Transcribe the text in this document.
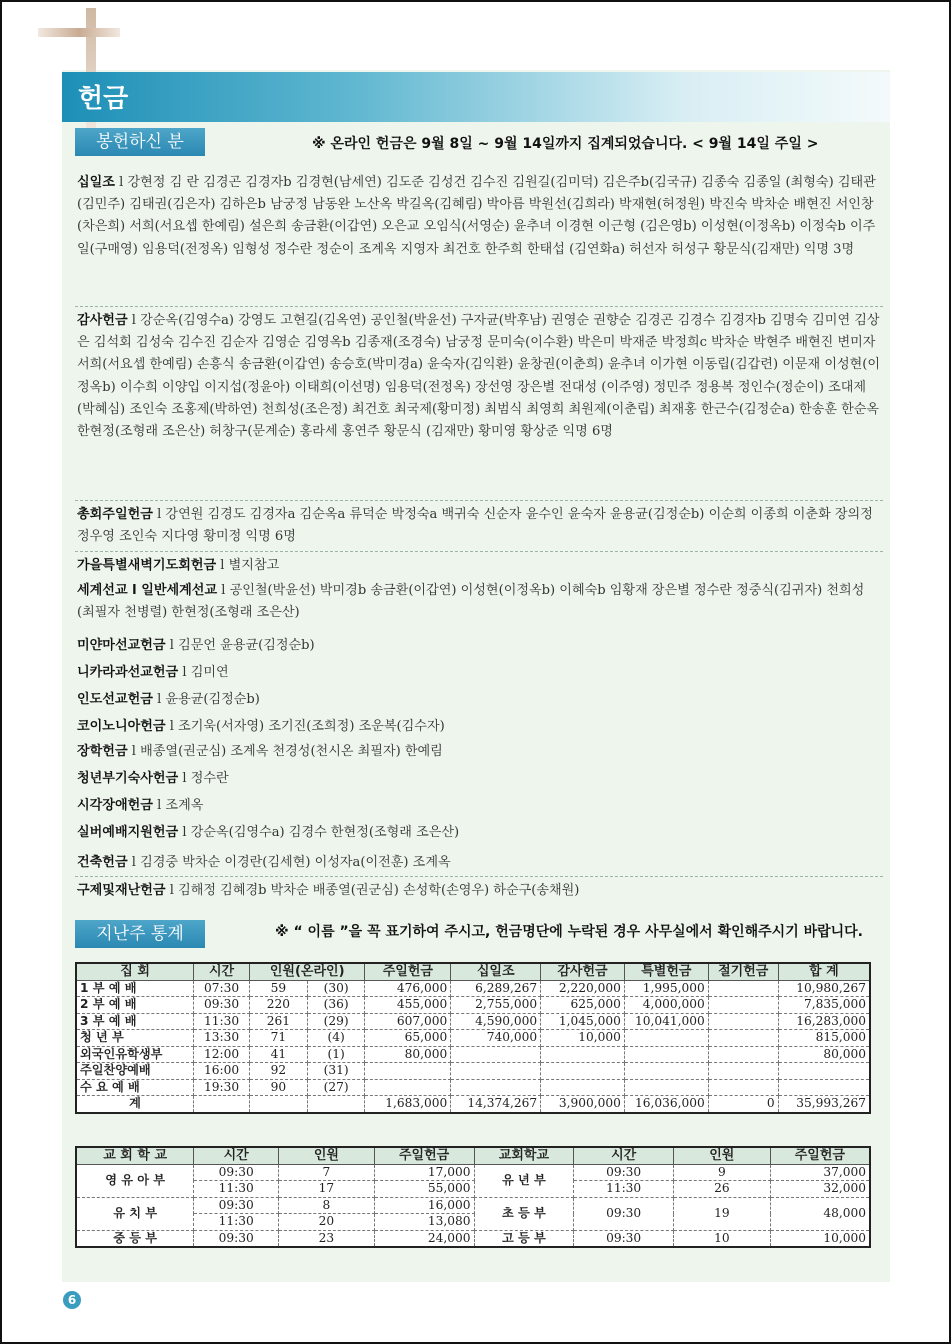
헌금
봉헌하신 분	※ 온라인 헌금은 9월 8일 ~ 9월 14일까지 집계되었습니다. < 9월 14일 주일 >
십일조 l 강현정 김 란 김경곤 김경자b 김경현(남세연) 김도준 김성건 김수진 김원길(김미덕) 김은주b(김국규) 김종숙 김종일 (최형숙) 김태관(김민주) 김태권(김은자) 김하은b 남궁정 남동완 노산옥 박길옥(김혜림) 박아름 박원선(김희라) 박재현(허정원) 박진숙 박차순 배현진 서인창(차은희) 서희(서요셉 한예림) 설은희 송금환(이갑연) 오은교 오임식(서영순) 윤추녀 이경현 이근형 (김은영b) 이성현(이정옥b) 이정숙b 이주일(구매영) 임용덕(전정옥) 임형성 정수란 정순이 조계옥 지영자 최건호 한주희 한태섭 (김연화a) 허선자 허성구 황문식(김재만) 익명 3명
감사헌금 l 강순옥(김영수a) 강영도 고현길(김옥연) 공인철(박윤선) 구자균(박후남) 권영순 권향순 김경곤 김경수 김경자b 김명숙 김미연 김상은 김석회 김성숙 김수진 김순자 김영순 김영옥b 김종재(조경숙) 남궁정 문미숙(이수환) 박은미 박재준 박정희c 박차순 박현주 배현진 변미자 서희(서요셉 한예림) 손흥식 송금환(이갑연) 송승호(박미경a) 윤숙자(김익환) 윤창권(이춘희) 윤추녀 이가현 이동립(김갑련) 이문재 이성현(이정옥b) 이수희 이양입 이지섭(정윤아) 이태희(이선명) 임용덕(전정옥) 장선영 장은별 전대성 (이주영) 정민주 정용복 정인수(정순이) 조대제(박혜심) 조인숙 조홍제(박하연) 천희성(조은정) 최건호 최국제(황미정) 최범식 최영희 최원제(이춘립) 최재홍 한근수(김정순a) 한송훈 한순옥 한현정(조형래 조은산) 허창구(문계순) 홍라세 홍연주 황문식 (김재만) 황미영 황상준 익명 6명
총회주일헌금 l 강연원 김경도 김경자a 김순옥a 류덕순 박정숙a 백귀숙 신순자 윤수인 윤숙자 윤용균(김정순b) 이순희 이종희 이춘화 장의정 정우영 조인숙 지다영 황미정 익명 6명
가을특별새벽기도회헌금 l 별지참고
세계선교 l 일반세계선교 l 공인철(박윤선) 박미경b 송금환(이갑연) 이성현(이정옥b) 이혜숙b 임황재 장은별 정수란 정중식(김귀자) 천희성(최필자 천병렬) 한현정(조형래 조은산)
미얀마선교헌금 l 김문언 윤용균(김정순b)
니카라과선교헌금 l 김미연
인도선교헌금 l 윤용균(김정순b)
코이노니아헌금 l 조기욱(서자영) 조기진(조희정) 조운복(김수자)
장학헌금 l 배종열(권군심) 조계옥 천경성(천시온 최필자) 한예림
청년부기숙사헌금 l 정수란
시각장애헌금 l 조계옥
실버예배지원헌금 l 강순옥(김영수a) 김경수 한현정(조형래 조은산)
건축헌금 l 김경중 박차순 이경란(김세현) 이성자a(이전훈) 조계옥
구제및재난헌금 l 김해정 김혜경b 박차순 배종열(권군심) 손성학(손영우) 하순구(송채원)
지난주 통계	※ “ 이름 ”을 꼭 표기하여 주시고, 헌금명단에 누락된 경우 사무실에서 확인해주시기 바랍니다.
집 회	시간	인원(온라인)		주일헌금	십일조	감사헌금	특별헌금	절기헌금	합 계
1 부 예 배	07:30	59	(30)	476,000	6,289,267	2,220,000	1,995,000		10,980,267
2 부 예 배	09:30	220	(36)	455,000	2,755,000	625,000	4,000,000		7,835,000
3 부 예 배	11:30	261	(29)	607,000	4,590,000	1,045,000	10,041,000		16,283,000
청 년 부	13:30	71	(4)	65,000	740,000	10,000			815,000
외국인유학생부	12:00	41	(1)	80,000					80,000
주일찬양예배	16:00	92	(31)						
수 요 예 배	19:30	90	(27)						
계				1,683,000	14,374,267	3,900,000	16,036,000	0	35,993,267
교 회 학 교	시간	인원	주일헌금	교회학교	시간	인원	주일헌금
영 유 아 부	09:30	7	17,000	유 년 부	09:30	9	37,000
	11:30	17	55,000		11:30	26	32,000
유 치 부	09:30	8	16,000	초 등 부	09:30	19	48,000
	11:30	20	13,080				
중 등 부	09:30	23	24,000	고 등 부	09:30	10	10,000
6
